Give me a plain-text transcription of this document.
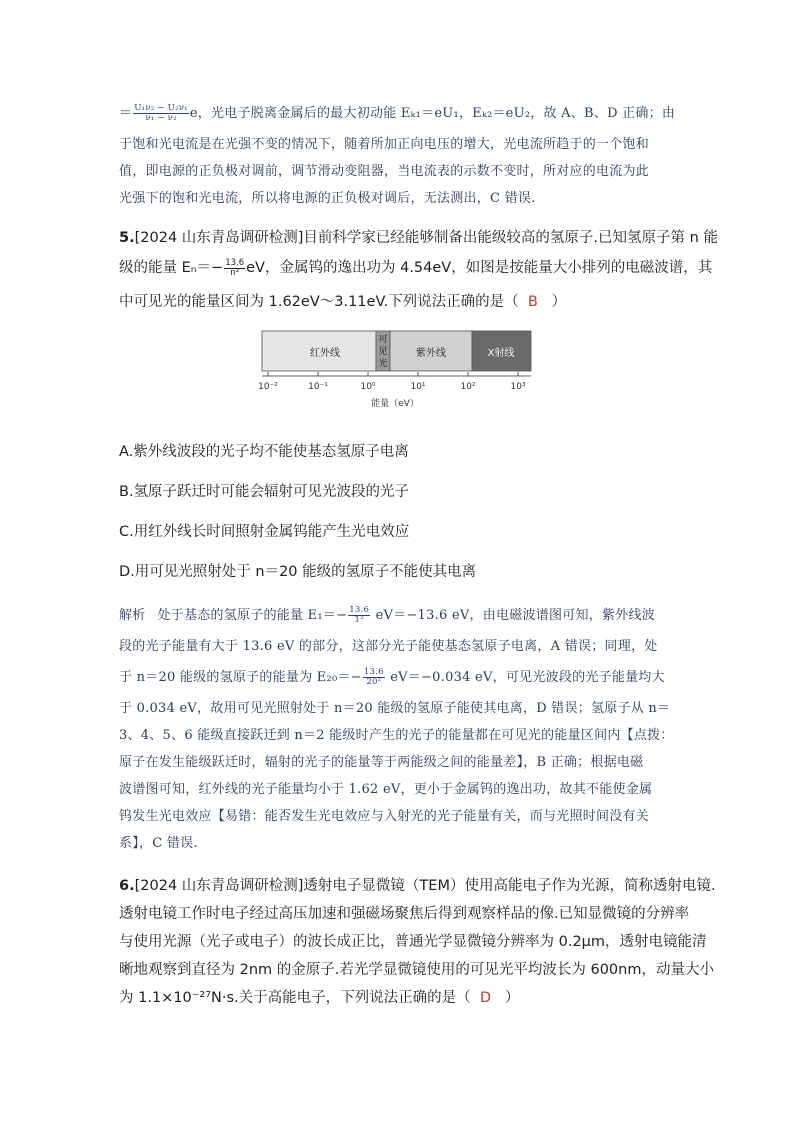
＝ $\frac{\text{U₁ν₂ − U₂ν₁}}{\text{ν₁ − ν₂}}$ e，光电子脱离金属后的最大初动能 Eₖ₁＝eU₁，Eₖ₂＝eU₂，故 A、B、D 正确；由
于饱和光电流是在光强不变的情况下，随着所加正向电压的增大，光电流所趋于的一个饱和
值，即电源的正负极对调前，调节滑动变阻器，当电流表的示数不变时，所对应的电流为此
光强下的饱和光电流，所以将电源的正负极对调后，无法测出，C 错误.
5.[2024 山东青岛调研检测]目前科学家已经能够制备出能级较高的氢原子.已知氢原子第 n 能
级的能量 $E_n=- \frac{13.6}{\text{n²}}$ eV，金属钨的逸出功为 4.54eV，如图是按能量大小排列的电磁波谱，其
中可见光的能量区间为 1.62eV～3.11eV.下列说法正确的是（ B ）
红外线
可
见
光
紫外线	X射线
10⁻²	10⁻¹	10⁰	10¹	10²	10³
能量（eV）
A.紫外线波段的光子均不能使基态氢原子电离
B.氢原子跃迁时可能会辐射可见光波段的光子
C.用红外线长时间照射金属钨能产生光电效应
D.用可见光照射处于 n＝20 能级的氢原子不能使其电离
解析 处于基态的氢原子的能量 $E_1=- \frac{13.6}{\text{1²}} eV=-13.6$ eV，由电磁波谱图可知，紫外线波
段的光子能量有大于 13.6 eV 的部分，这部分光子能使基态氢原子电离，A 错误；同理，处
于 n＝20 能级的氢原子的能量为 $E_{20}=- \frac{13.6}{\text{20²}} eV=-0.034$ eV，可见光波段的光子能量均大
于 0.034 eV，故用可见光照射处于 n＝20 能级的氢原子能使其电离，D 错误；氢原子从 n＝
3、4、5、6 能级直接跃迁到 n＝2 能级时产生的光子的能量都在可见光的能量区间内【点拨：
原子在发生能级跃迁时，辐射的光子的能量等于两能级之间的能量差】，B 正确；根据电磁
波谱图可知，红外线的光子能量均小于 1.62 eV，更小于金属钨的逸出功，故其不能使金属
钨发生光电效应【易错：能否发生光电效应与入射光的光子能量有关，而与光照时间没有关
系】，C 错误.
6.[2024 山东青岛调研检测]透射电子显微镜（TEM）使用高能电子作为光源，简称透射电镜.
透射电镜工作时电子经过高压加速和强磁场聚焦后得到观察样品的像.已知显微镜的分辨率
与使用光源（光子或电子）的波长成正比，普通光学显微镜分辨率为 0.2μm，透射电镜能清
晰地观察到直径为 2nm 的金原子.若光学显微镜使用的可见光平均波长为 600nm，动量大小
为 1.1×10⁻²⁷N·s.关于高能电子，下列说法正确的是（ D ）
